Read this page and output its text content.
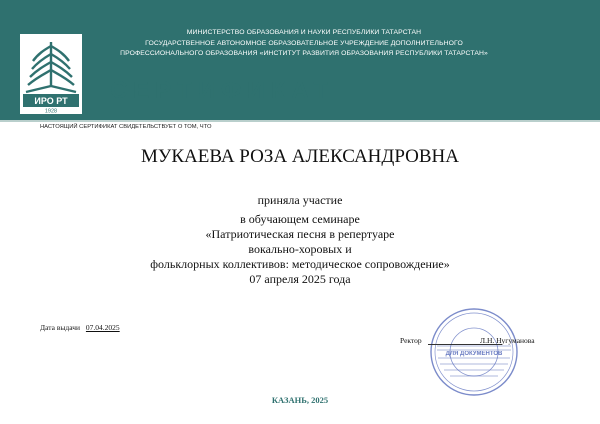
МИНИСТЕРСТВО ОБРАЗОВАНИЯ И НАУКИ РЕСПУБЛИКИ ТАТАРСТАН
ГОСУДАРСТВЕННОЕ АВТОНОМНОЕ ОБРАЗОВАТЕЛЬНОЕ УЧРЕЖДЕНИЕ ДОПОЛНИТЕЛЬНОГО
ПРОФЕССИОНАЛЬНОГО ОБРАЗОВАНИЯ «ИНСТИТУТ РАЗВИТИЯ ОБРАЗОВАНИЯ РЕСПУБЛИКИ ТАТАРСТАН»
ИРО РТ
1928
СЕРТИФИКАТ
НАСТОЯЩИЙ СЕРТИФИКАТ СВИДЕТЕЛЬСТВУЕТ О ТОМ, ЧТО
МУКАЕВА РОЗА АЛЕКСАНДРОВНА
приняла участие
в обучающем семинаре
«Патриотическая песня в репертуаре
вокально-хоровых и
фольклорных коллективов: методическое сопровождение»
07 апреля 2025 года
Дата выдачи 07.04.2025
ДЛЯ ДОКУМЕНТОВ
Ректор	Л.Н. Нугуманова
КАЗАНЬ, 2025
